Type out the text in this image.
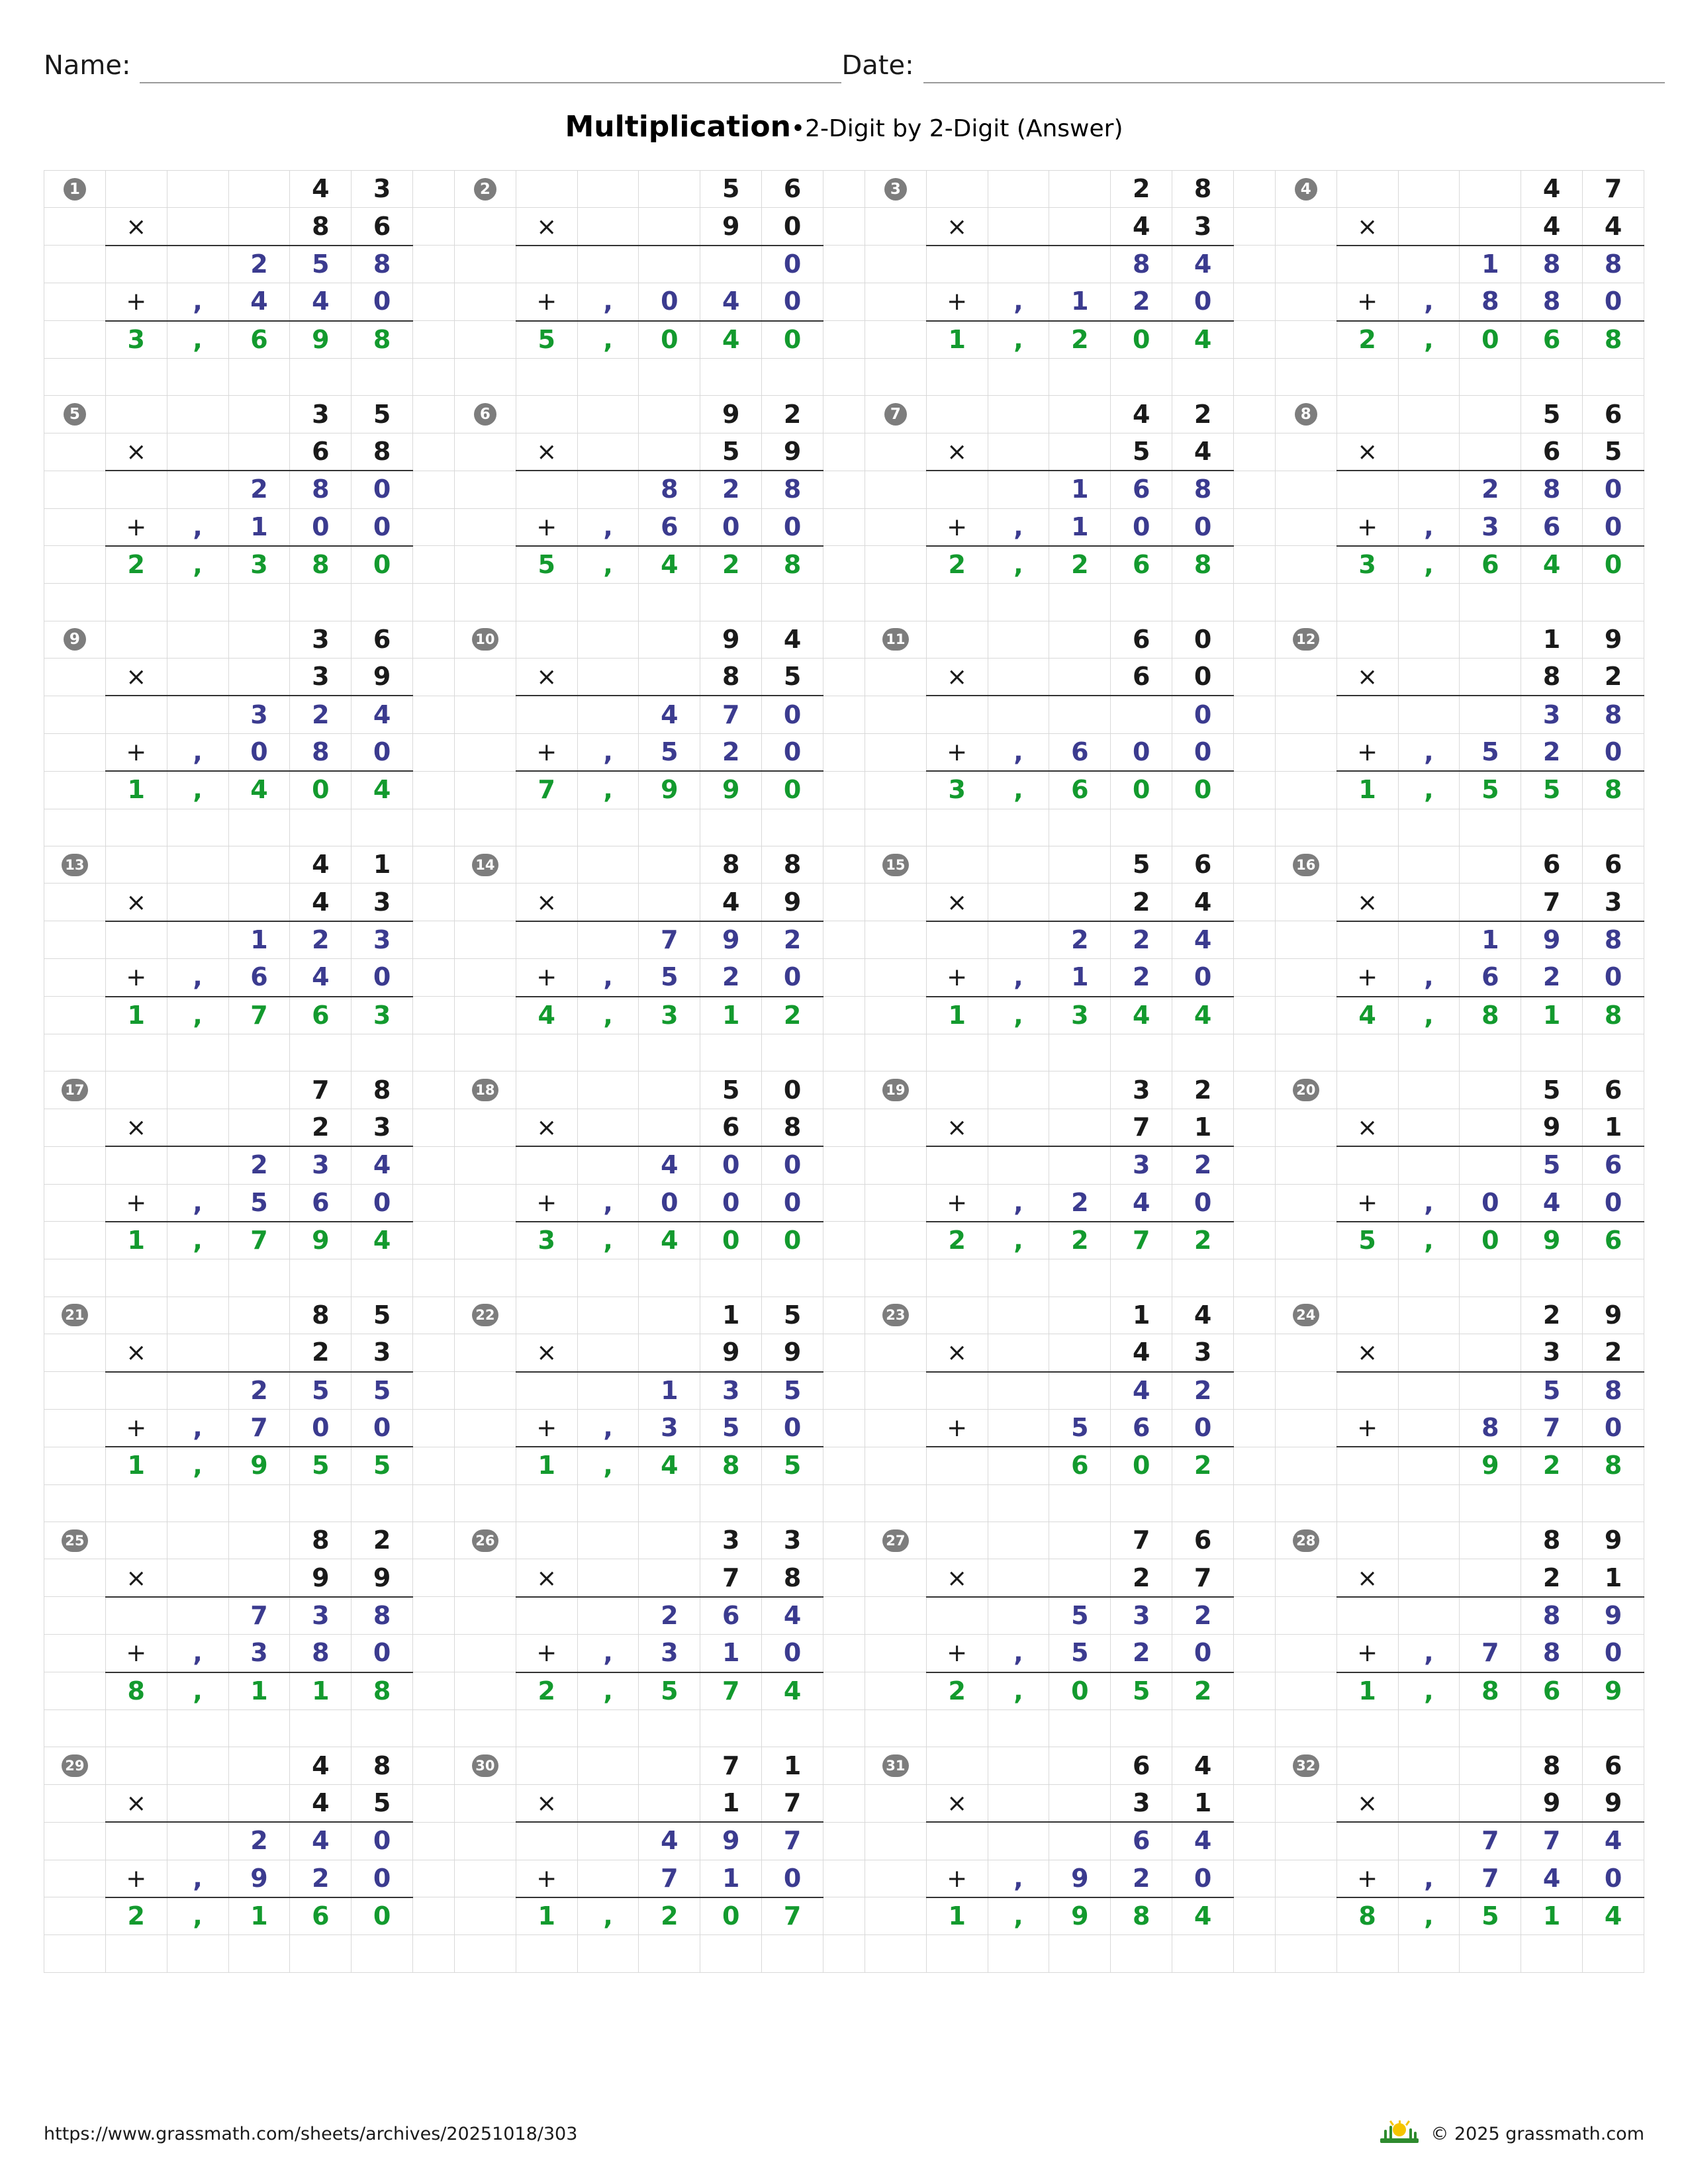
Name:	Date:
Multiplication•2-Digit by 2-Digit (Answer)
1				4	3		2				5	6		3				2	8		4				4	7

	×			8	6			×			9	0			×			4	3			×			4	4

			2	5	8							0						8	4					1	8	8

	+	,	4	4	0			+	,	0	4	0			+	,	1	2	0			+	,	8	8	0

	3	,	6	9	8			5	,	0	4	0			1	,	2	0	4			2	,	0	6	8

5				3	5		6				9	2		7				4	2		8				5	6

	×			6	8			×			5	9			×			5	4			×			6	5

			2	8	0					8	2	8					1	6	8					2	8	0

	+	,	1	0	0			+	,	6	0	0			+	,	1	0	0			+	,	3	6	0

	2	,	3	8	0			5	,	4	2	8			2	,	2	6	8			3	,	6	4	0

9				3	6		10				9	4		11				6	0		12				1	9

	×			3	9			×			8	5			×			6	0			×			8	2

			3	2	4					4	7	0							0						3	8

	+	,	0	8	0			+	,	5	2	0			+	,	6	0	0			+	,	5	2	0

	1	,	4	0	4			7	,	9	9	0			3	,	6	0	0			1	,	5	5	8

13				4	1		14				8	8		15				5	6		16				6	6

	×			4	3			×			4	9			×			2	4			×			7	3

			1	2	3					7	9	2					2	2	4					1	9	8

	+	,	6	4	0			+	,	5	2	0			+	,	1	2	0			+	,	6	2	0

	1	,	7	6	3			4	,	3	1	2			1	,	3	4	4			4	,	8	1	8

17				7	8		18				5	0		19				3	2		20				5	6

	×			2	3			×			6	8			×			7	1			×			9	1

			2	3	4					4	0	0						3	2						5	6

	+	,	5	6	0			+	,	0	0	0			+	,	2	4	0			+	,	0	4	0

	1	,	7	9	4			3	,	4	0	0			2	,	2	7	2			5	,	0	9	6

21				8	5		22				1	5		23				1	4		24				2	9

	×			2	3			×			9	9			×			4	3			×			3	2

			2	5	5					1	3	5						4	2						5	8

	+	,	7	0	0			+	,	3	5	0			+		5	6	0			+		8	7	0

	1	,	9	5	5			1	,	4	8	5					6	0	2					9	2	8

25				8	2		26				3	3		27				7	6		28				8	9

	×			9	9			×			7	8			×			2	7			×			2	1

			7	3	8					2	6	4					5	3	2						8	9

	+	,	3	8	0			+	,	3	1	0			+	,	5	2	0			+	,	7	8	0

	8	,	1	1	8			2	,	5	7	4			2	,	0	5	2			1	,	8	6	9

29				4	8		30				7	1		31				6	4		32				8	6

	×			4	5			×			1	7			×			3	1			×			9	9

			2	4	0					4	9	7						6	4					7	7	4

	+	,	9	2	0			+		7	1	0			+	,	9	2	0			+	,	7	4	0

	2	,	1	6	0			1	,	2	0	7			1	,	9	8	4			8	,	5	1	4

https://www.grassmath.com/sheets/archives/20251018/303	© 2025 grassmath.com
